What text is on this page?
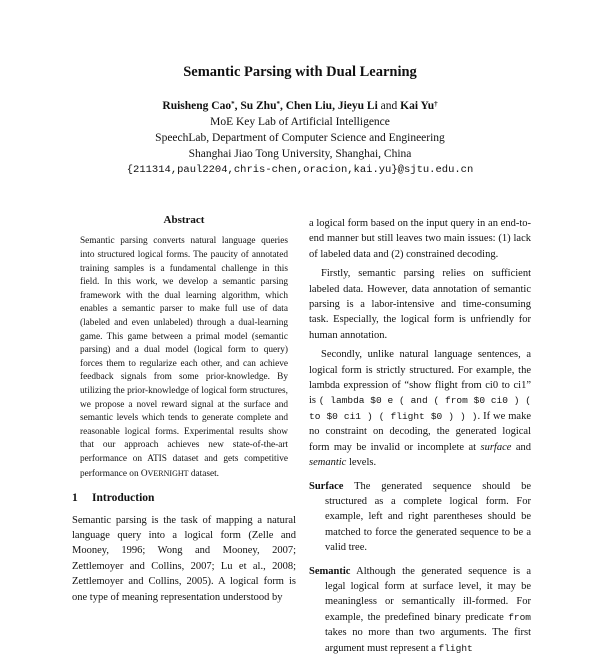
Semantic Parsing with Dual Learning
Ruisheng Cao*, Su Zhu*, Chen Liu, Jieyu Li and Kai Yu†
MoE Key Lab of Artificial Intelligence
SpeechLab, Department of Computer Science and Engineering
Shanghai Jiao Tong University, Shanghai, China
{211314,paul2204,chris-chen,oracion,kai.yu}@sjtu.edu.cn
Abstract
Semantic parsing converts natural language queries into structured logical forms. The paucity of annotated training samples is a fundamental challenge in this field. In this work, we develop a semantic parsing framework with the dual learning algorithm, which enables a semantic parser to make full use of data (labeled and even unlabeled) through a dual-learning game. This game between a primal model (semantic parsing) and a dual model (logical form to query) forces them to regularize each other, and can achieve feedback signals from some prior-knowledge. By utilizing the prior-knowledge of logical form structures, we propose a novel reward signal at the surface and semantic levels which tends to generate complete and reasonable logical forms. Experimental results show that our approach achieves new state-of-the-art performance on ATIS dataset and gets competitive performance on OVERNIGHT dataset.
1 Introduction

Semantic parsing is the task of mapping a natural language query into a logical form (Zelle and Mooney, 1996; Wong and Mooney, 2007; Zettlemoyer and Collins, 2007; Lu et al., 2008; Zettlemoyer and Collins, 2005). A logical form is one type of meaning representation understood by

a logical form based on the input query in an end-to-end manner but still leaves two main issues: (1) lack of labeled data and (2) constrained decoding.

Firstly, semantic parsing relies on sufficient labeled data. However, data annotation of semantic parsing is a labor-intensive and time-consuming task. Especially, the logical form is unfriendly for human annotation.

Secondly, unlike natural language sentences, a logical form is strictly structured. For example, the lambda expression of “show flight from ci0 to ci1” is ( lambda $0 e ( and ( from $0 ci0 ) ( to $0 ci1 ) ( flight $0 ) ) ). If we make no constraint on decoding, the generated logical form may be invalid or incomplete at surface and semantic levels.

Surface The generated sequence should be structured as a complete logical form. For example, left and right parentheses should be matched to force the generated sequence to be a valid tree.

Semantic Although the generated sequence is a legal logical form at surface level, it may be meaningless or semantically ill-formed. For example, the predefined binary predicate from takes no more than two arguments. The first argument must represent a flight
